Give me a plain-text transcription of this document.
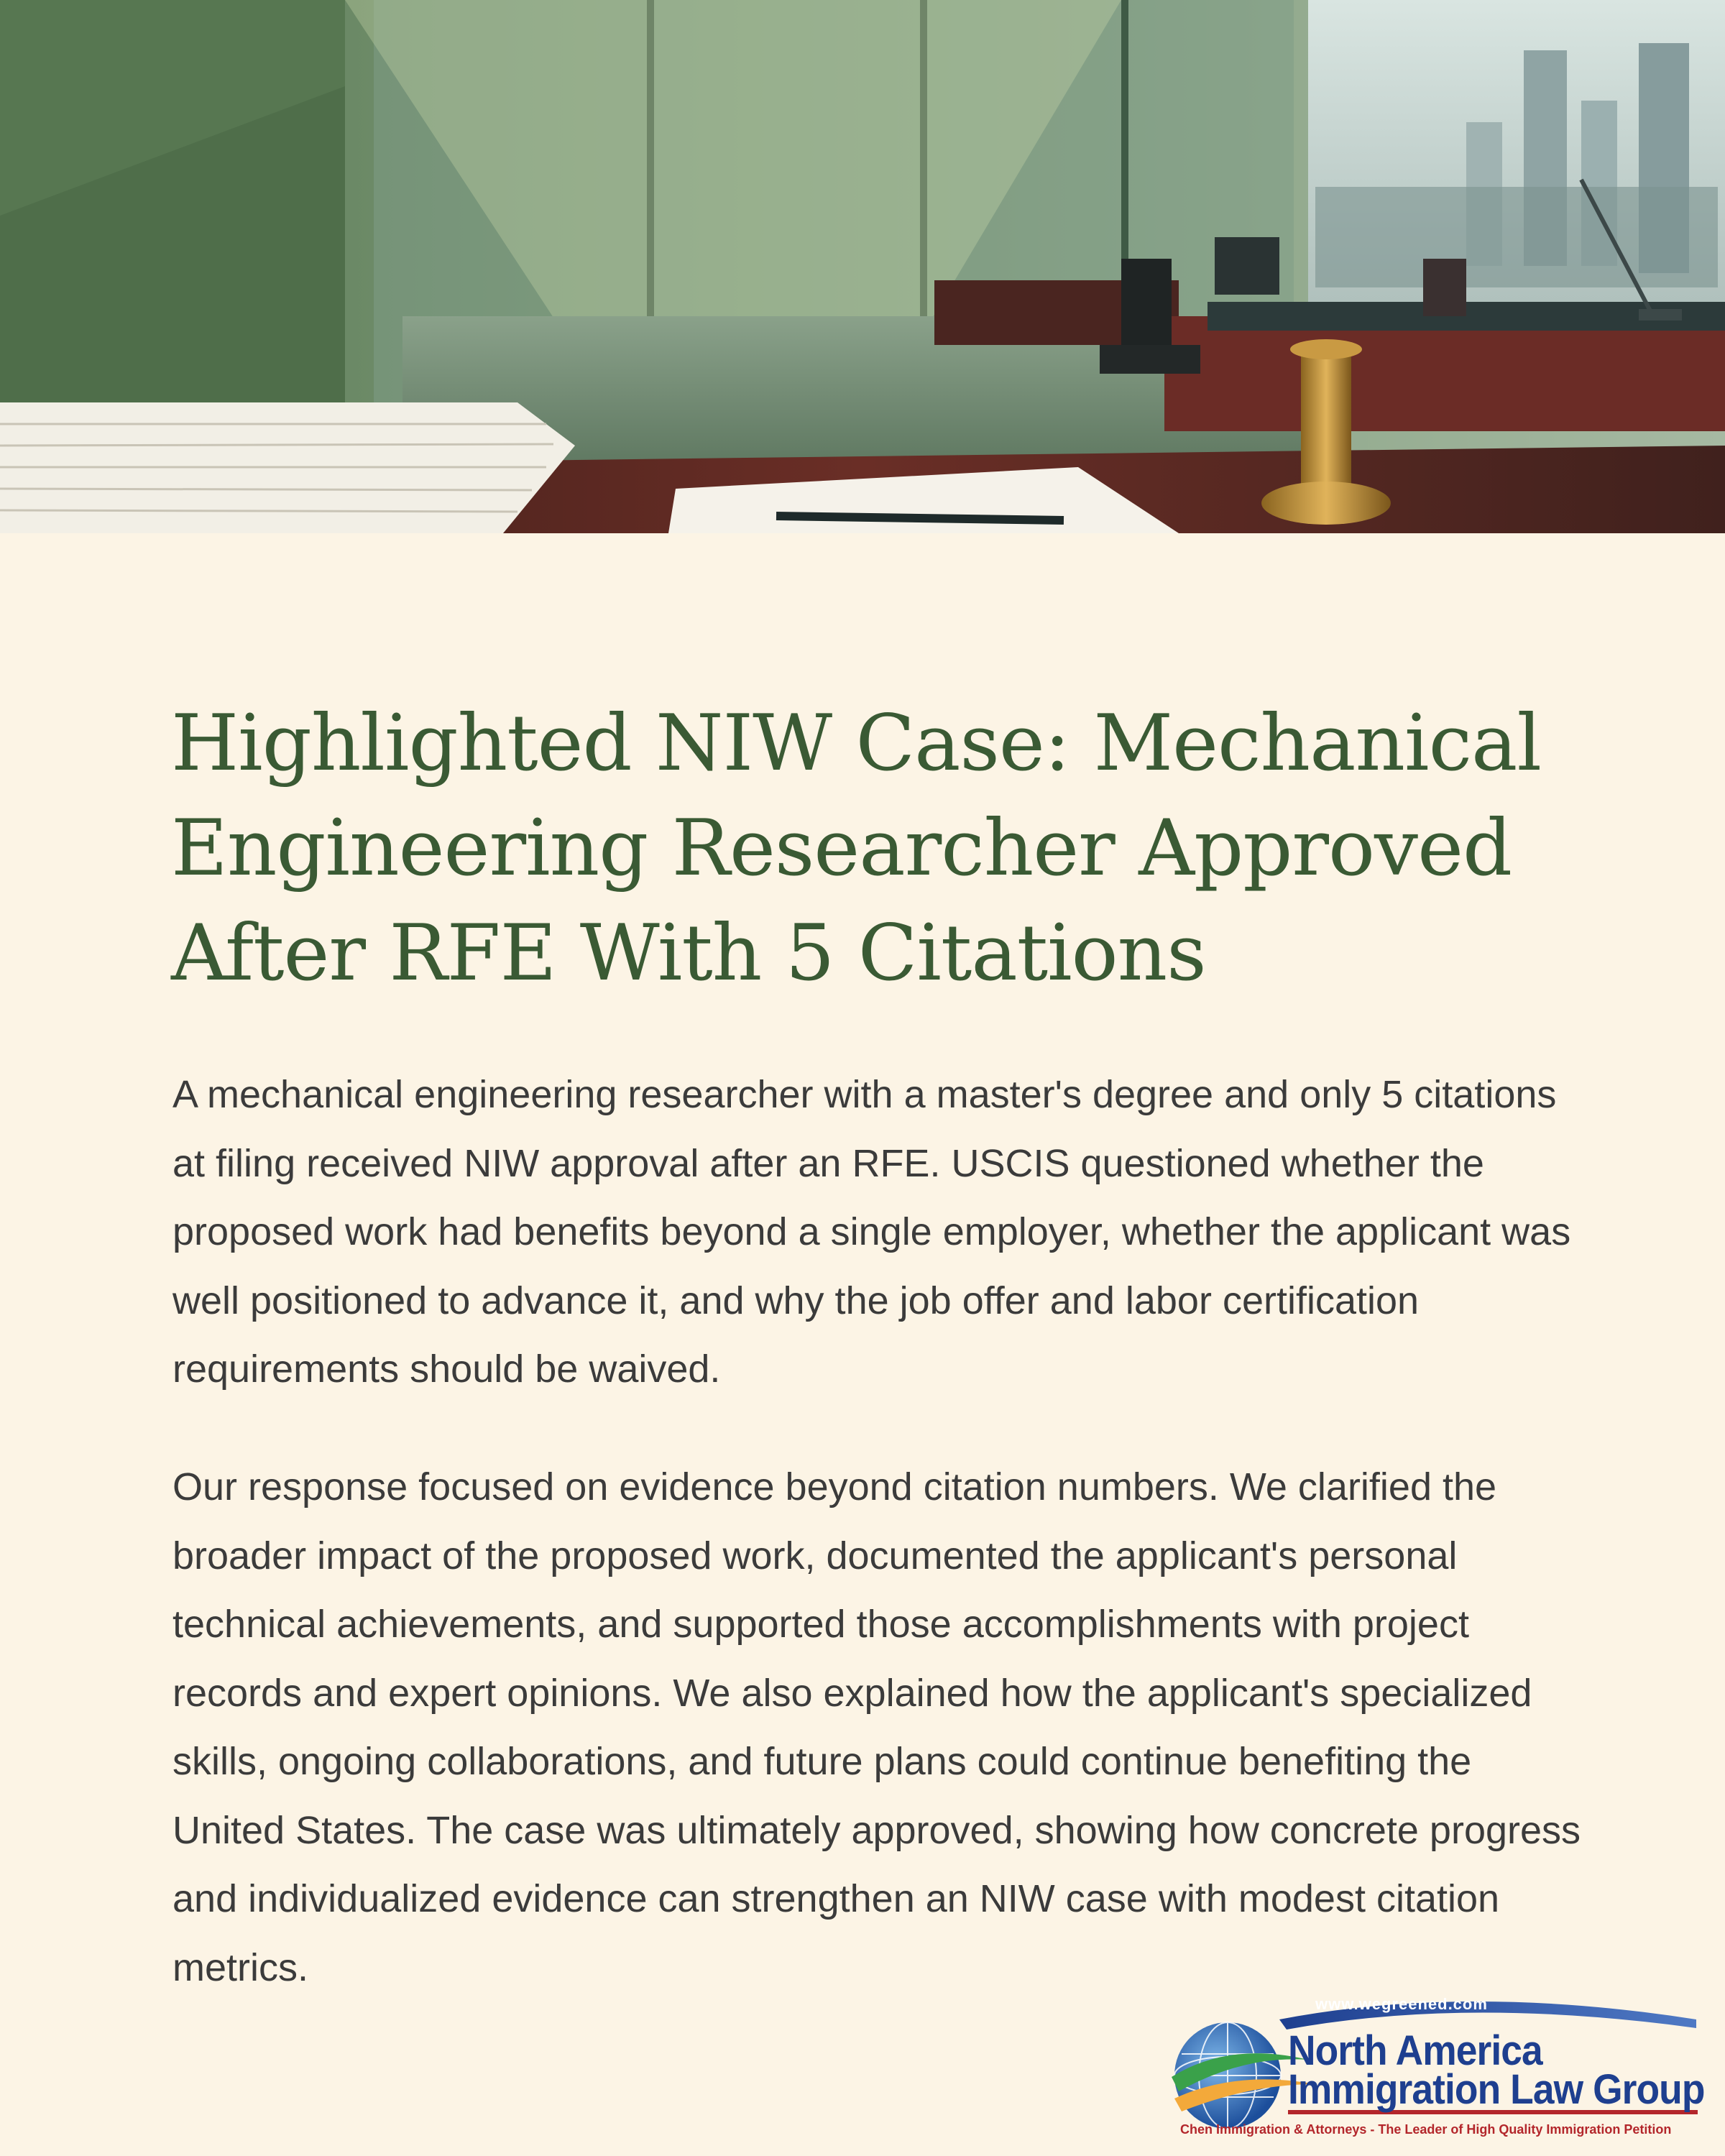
Highlighted NIW Case: Mechanical Engineering Researcher Approved After RFE With 5 Citations

A mechanical engineering researcher with a master's degree and only 5 citations at filing received NIW approval after an RFE. USCIS questioned whether the proposed work had benefits beyond a single employer, whether the applicant was well positioned to advance it, and why the job offer and labor certification requirements should be waived.

Our response focused on evidence beyond citation numbers. We clarified the broader impact of the proposed work, documented the applicant's personal technical achievements, and supported those accomplishments with project records and expert opinions. We also explained how the applicant's specialized skills, ongoing collaborations, and future plans could continue benefiting the United States. The case was ultimately approved, showing how concrete progress and individualized evidence can strengthen an NIW case with modest citation metrics.

www.wegreened.com
North America
Immigration Law Group
Chen Immigration & Attorneys - The Leader of High Quality Immigration Petition
